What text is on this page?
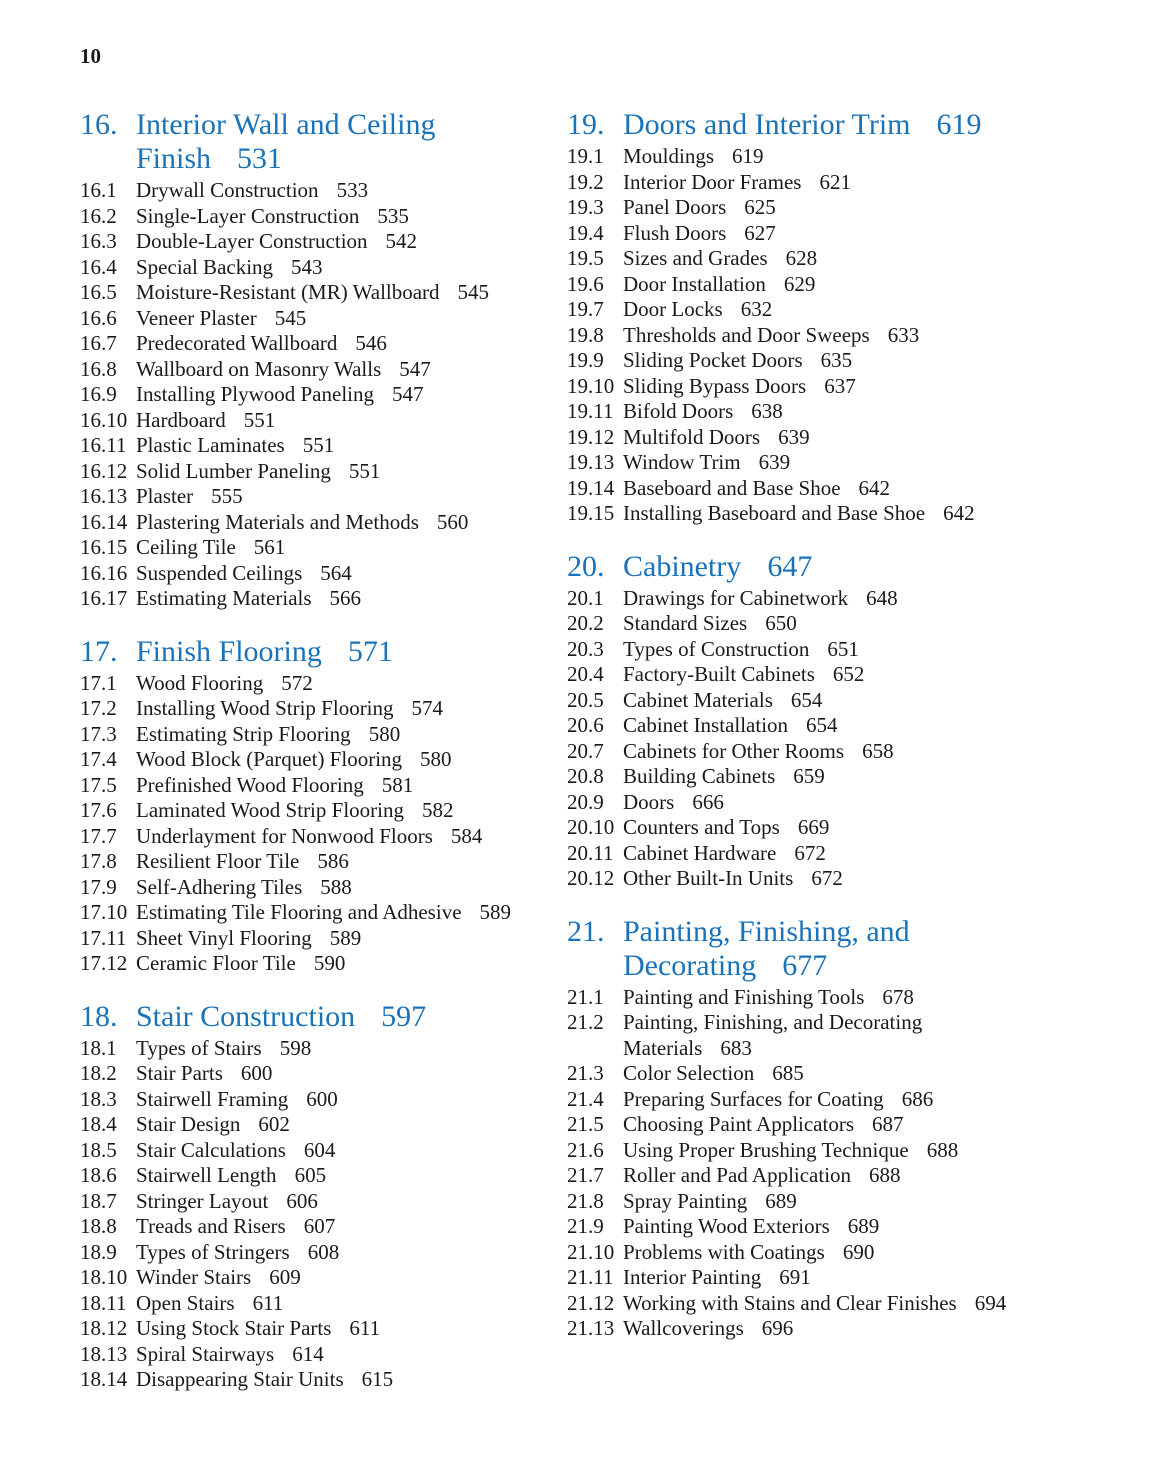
10
16. Interior Wall and Ceiling Finish 531
16.1 Drywall Construction 533
16.2 Single-Layer Construction 535
16.3 Double-Layer Construction 542
16.4 Special Backing 543
16.5 Moisture-Resistant (MR) Wallboard 545
16.6 Veneer Plaster 545
16.7 Predecorated Wallboard 546
16.8 Wallboard on Masonry Walls 547
16.9 Installing Plywood Paneling 547
16.10 Hardboard 551
16.11 Plastic Laminates 551
16.12 Solid Lumber Paneling 551
16.13 Plaster 555
16.14 Plastering Materials and Methods 560
16.15 Ceiling Tile 561
16.16 Suspended Ceilings 564
16.17 Estimating Materials 566
17. Finish Flooring 571
17.1 Wood Flooring 572
17.2 Installing Wood Strip Flooring 574
17.3 Estimating Strip Flooring 580
17.4 Wood Block (Parquet) Flooring 580
17.5 Prefinished Wood Flooring 581
17.6 Laminated Wood Strip Flooring 582
17.7 Underlayment for Nonwood Floors 584
17.8 Resilient Floor Tile 586
17.9 Self-Adhering Tiles 588
17.10 Estimating Tile Flooring and Adhesive 589
17.11 Sheet Vinyl Flooring 589
17.12 Ceramic Floor Tile 590
18. Stair Construction 597
18.1 Types of Stairs 598
18.2 Stair Parts 600
18.3 Stairwell Framing 600
18.4 Stair Design 602
18.5 Stair Calculations 604
18.6 Stairwell Length 605
18.7 Stringer Layout 606
18.8 Treads and Risers 607
18.9 Types of Stringers 608
18.10 Winder Stairs 609
18.11 Open Stairs 611
18.12 Using Stock Stair Parts 611
18.13 Spiral Stairways 614
18.14 Disappearing Stair Units 615
19. Doors and Interior Trim 619
19.1 Mouldings 619
19.2 Interior Door Frames 621
19.3 Panel Doors 625
19.4 Flush Doors 627
19.5 Sizes and Grades 628
19.6 Door Installation 629
19.7 Door Locks 632
19.8 Thresholds and Door Sweeps 633
19.9 Sliding Pocket Doors 635
19.10 Sliding Bypass Doors 637
19.11 Bifold Doors 638
19.12 Multifold Doors 639
19.13 Window Trim 639
19.14 Baseboard and Base Shoe 642
19.15 Installing Baseboard and Base Shoe 642
20. Cabinetry 647
20.1 Drawings for Cabinetwork 648
20.2 Standard Sizes 650
20.3 Types of Construction 651
20.4 Factory-Built Cabinets 652
20.5 Cabinet Materials 654
20.6 Cabinet Installation 654
20.7 Cabinets for Other Rooms 658
20.8 Building Cabinets 659
20.9 Doors 666
20.10 Counters and Tops 669
20.11 Cabinet Hardware 672
20.12 Other Built-In Units 672
21. Painting, Finishing, and Decorating 677
21.1 Painting and Finishing Tools 678
21.2 Painting, Finishing, and Decorating Materials 683
21.3 Color Selection 685
21.4 Preparing Surfaces for Coating 686
21.5 Choosing Paint Applicators 687
21.6 Using Proper Brushing Technique 688
21.7 Roller and Pad Application 688
21.8 Spray Painting 689
21.9 Painting Wood Exteriors 689
21.10 Problems with Coatings 690
21.11 Interior Painting 691
21.12 Working with Stains and Clear Finishes 694
21.13 Wallcoverings 696
